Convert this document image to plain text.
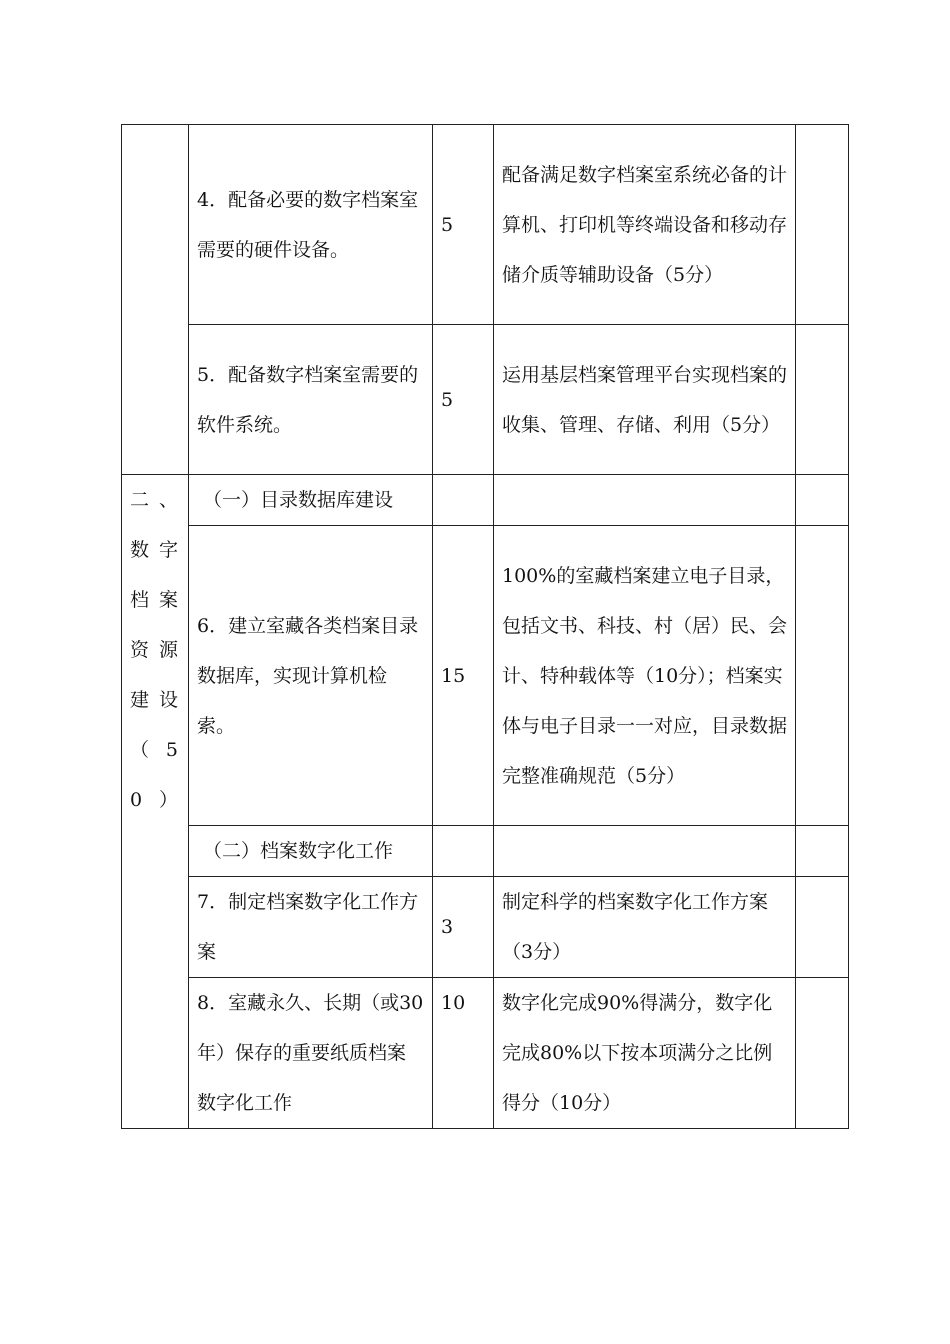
	4．配备必要的数字档案室需要的硬件设备。	5	配备满足数字档案室系统必备的计算机、打印机等终端设备和移动存储介质等辅助设备（5分）	
	5．配备数字档案室需要的软件系统。	5	运用基层档案管理平台实现档案的收集、管理、存储、利用（5分）	
二、数字档案资源建设（50）	（一）目录数据库建设			
	6．建立室藏各类档案目录数据库，实现计算机检索。	15	100%的室藏档案建立电子目录，包括文书、科技、村（居）民、会计、特种载体等（10分）；档案实体与电子目录一一对应，目录数据完整准确规范（5分）	
	（二）档案数字化工作			
	7．制定档案数字化工作方案	3	制定科学的档案数字化工作方案（3分）	
	8．室藏永久、长期（或30年）保存的重要纸质档案数字化工作	10	数字化完成90%得满分，数字化完成80%以下按本项满分之比例得分（10分）	
